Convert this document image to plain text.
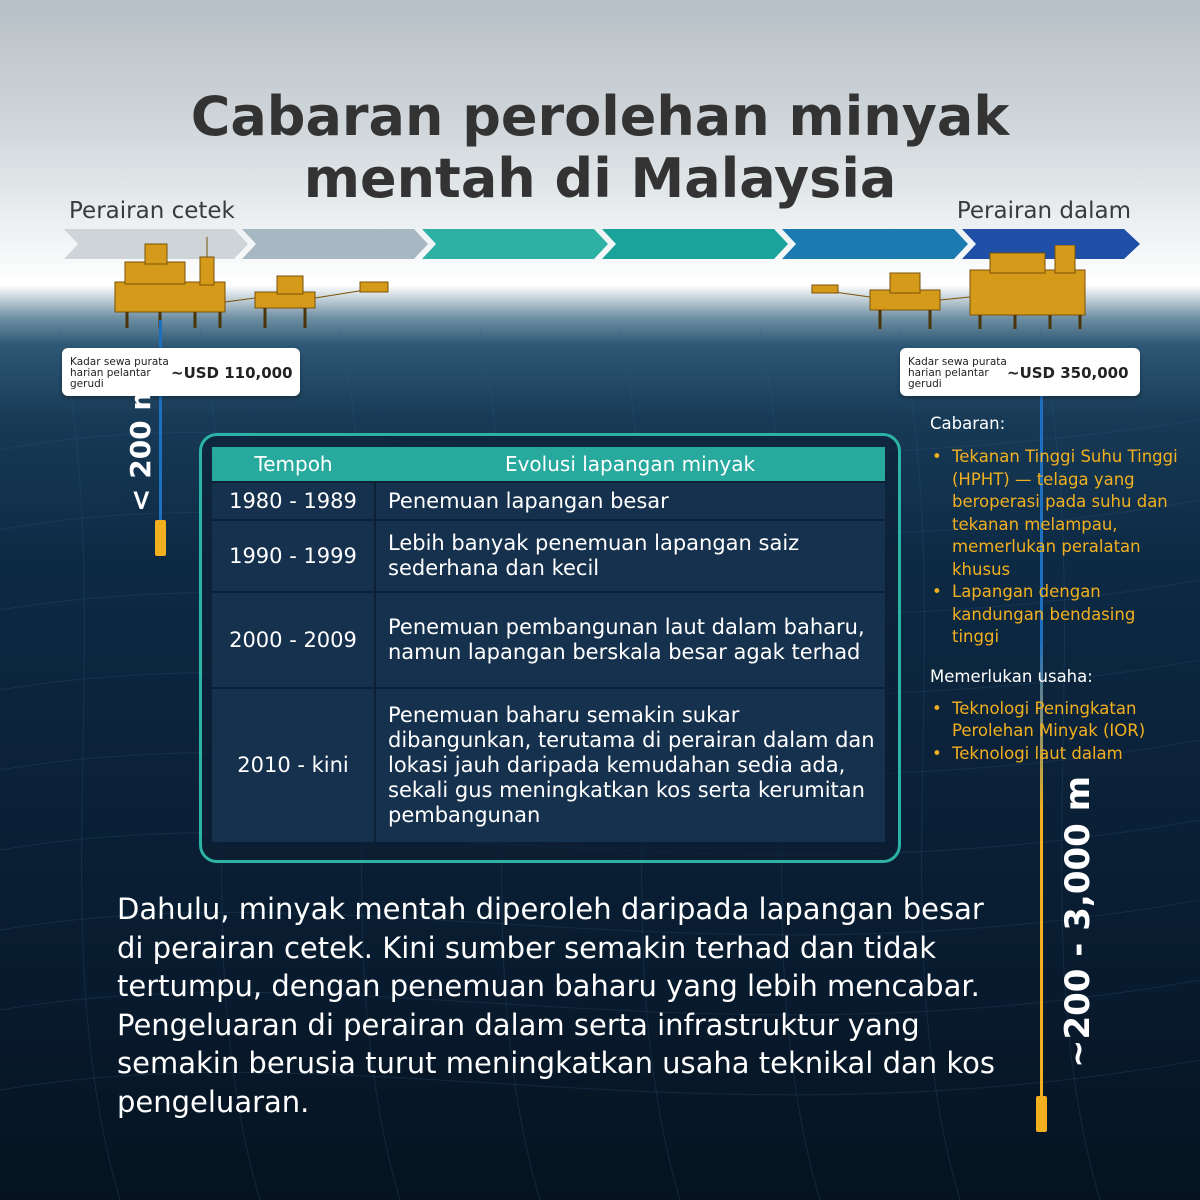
Cabaran perolehan minyak
mentah di Malaysia
Perairan cetek	Perairan dalam
Kadar sewa purata harian pelantar gerudi
~USD 110,000
Kadar sewa purata harian pelantar gerudi
~USD 350,000
< 200 m
~200 - 3,000 m
Tempoh	Evolusi lapangan minyak
1980 - 1989	Penemuan lapangan besar
1990 - 1999	Lebih banyak penemuan lapangan saiz sederhana dan kecil
2000 - 2009	Penemuan pembangunan laut dalam baharu, namun lapangan berskala besar agak terhad
2010 - kini	Penemuan baharu semakin sukar dibangunkan, terutama di perairan dalam dan lokasi jauh daripada kemudahan sedia ada, sekali gus meningkatkan kos serta kerumitan pembangunan
Cabaran:
• Tekanan Tinggi Suhu Tinggi (HPHT) — telaga yang beroperasi pada suhu dan tekanan melampau, memerlukan peralatan khusus
• Lapangan dengan kandungan bendasing tinggi
Memerlukan usaha:
• Teknologi Peningkatan Perolehan Minyak (IOR)
• Teknologi laut dalam
Dahulu, minyak mentah diperoleh daripada lapangan besar di perairan cetek. Kini sumber semakin terhad dan tidak tertumpu, dengan penemuan baharu yang lebih mencabar. Pengeluaran di perairan dalam serta infrastruktur yang semakin berusia turut meningkatkan usaha teknikal dan kos pengeluaran.
